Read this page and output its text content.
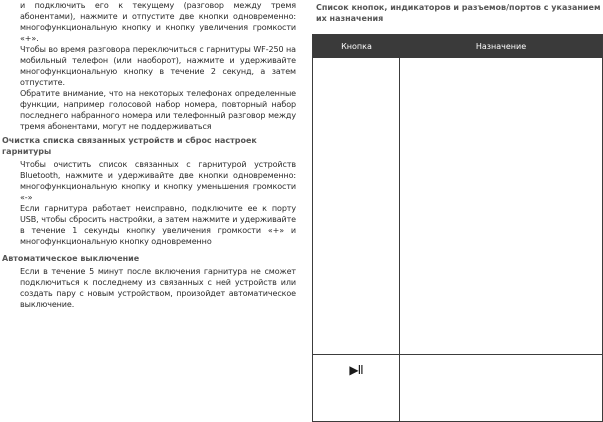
и подключить его к текущему (разговор между тремя абонентами), нажмите и отпустите две кнопки одновременно: многофункциональную кнопку и кнопку увеличения громкости «+».

Чтобы во время разговора переключиться с гарнитуры WF-250 на мобильный телефон (или наоборот), нажмите и удерживайте многофункциональную кнопку в течение 2 секунд, а затем отпустите.

Обратите внимание, что на некоторых телефонах определенные функции, например голосовой набор номера, повторный набор последнего набранного номера или телефонный разговор между тремя абонентами, могут не поддерживаться

Очистка списка связанных устройств и сброс настроек гарнитуры

Чтобы очистить список связанных с гарнитурой устройств Bluetooth, нажмите и удерживайте две кнопки одновременно: многофункциональную кнопку и кнопку уменьшения громкости «-»

Если гарнитура работает неисправно, подключите ее к порту USB, чтобы сбросить настройки, а затем нажмите и удерживайте в течение 1 секунды кнопку увеличения громкости «+» и многофункциональную кнопку одновременно

Автоматическое выключение

Если в течение 5 минут после включения гарнитура не сможет подключиться к последнему из связанных с ней устройств или создать пару с новым устройством, произойдет автоматическое выключение.

Список кнопок, индикаторов и разъемов/портов с указанием их назначения
Кнопка	Назначение
▶II
